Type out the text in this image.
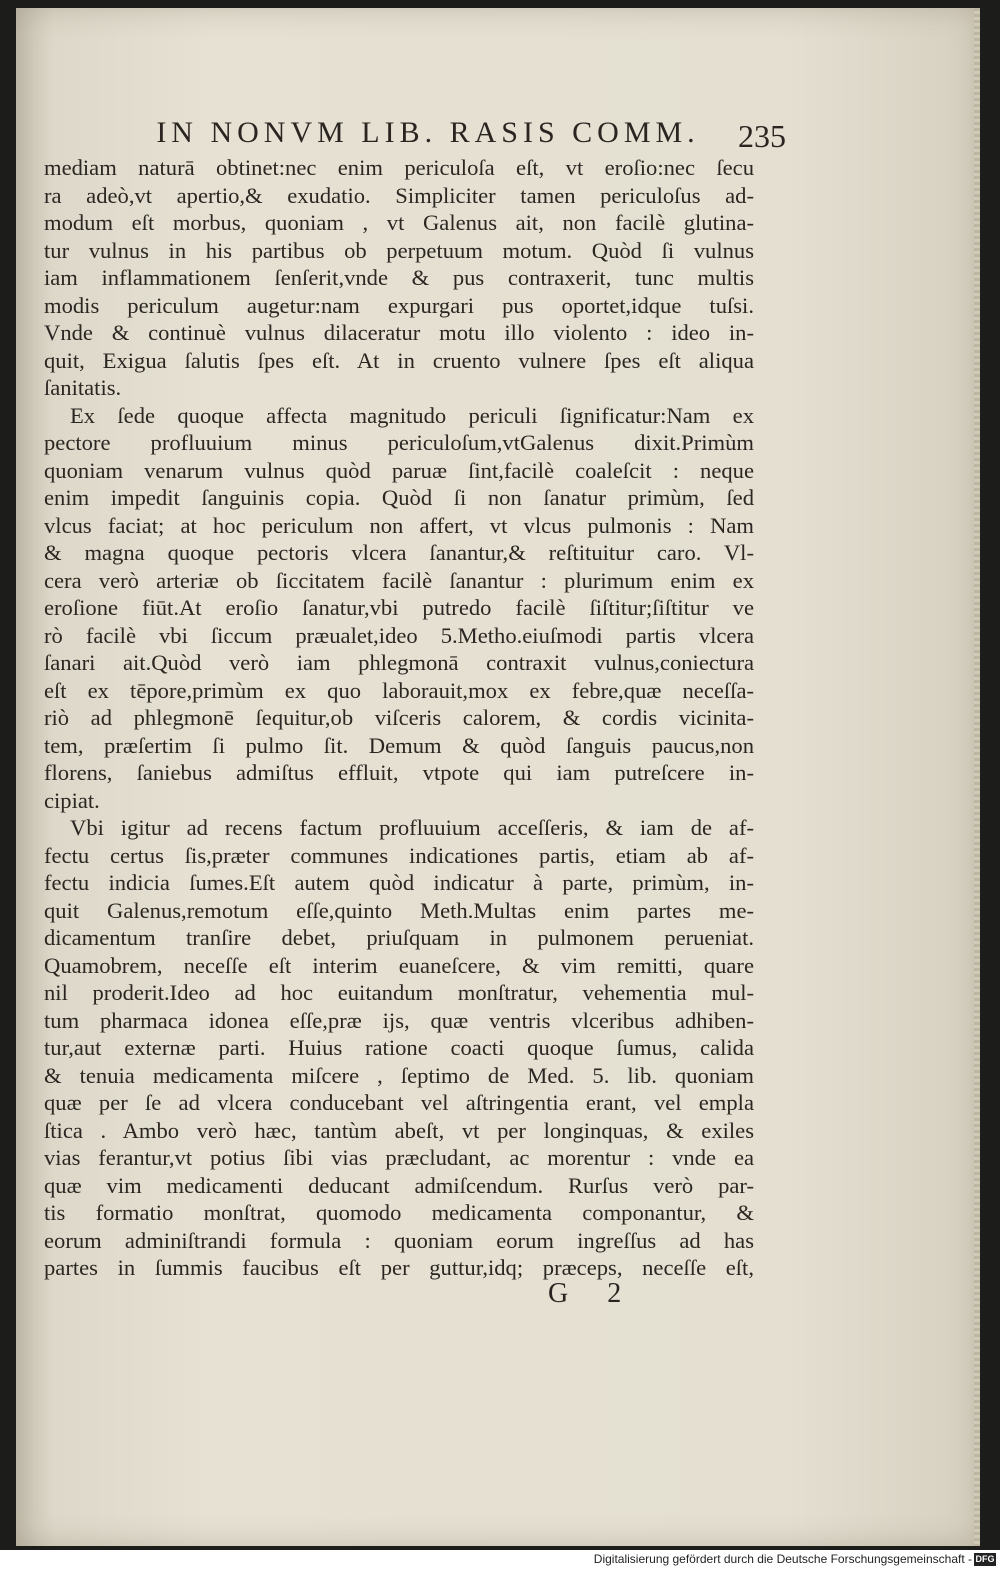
IN NONVM LIB. RASIS COMM.	235
mediam naturā obtinet:nec enim periculoſa eſt, vt eroſio:nec ſecu
ra adeò,vt apertio,& exudatio. Simpliciter tamen periculoſus ad-
modum eſt morbus, quoniam , vt Galenus ait, non facilè glutina-
tur vulnus in his partibus ob perpetuum motum. Quòd ſi vulnus
iam inflammationem ſenſerit,vnde & pus contraxerit, tunc multis
modis periculum augetur:nam expurgari pus oportet,idque tuſsi.
Vnde & continuè vulnus dilaceratur motu illo violento : ideo in-
quit, Exigua ſalutis ſpes eſt. At in cruento vulnere ſpes eſt aliqua
ſanitatis.
Ex ſede quoque affecta magnitudo periculi ſignificatur:Nam ex
pectore profluuium minus periculoſum,vtGalenus dixit.Primùm
quoniam venarum vulnus quòd paruæ ſint,facilè coaleſcit : neque
enim impedit ſanguinis copia. Quòd ſi non ſanatur primùm, ſed
vlcus faciat; at hoc periculum non affert, vt vlcus pulmonis : Nam
& magna quoque pectoris vlcera ſanantur,& reſtituitur caro. Vl-
cera verò arteriæ ob ſiccitatem facilè ſanantur : plurimum enim ex
eroſione fiūt.At eroſio ſanatur,vbi putredo facilè ſiſtitur;ſiſtitur ve
rò facilè vbi ſiccum præualet,ideo 5.Metho.eiuſmodi partis vlcera
ſanari ait.Quòd verò iam phlegmonā contraxit vulnus,coniectura
eſt ex tēpore,primùm ex quo laborauit,mox ex febre,quæ neceſſa-
riò ad phlegmonē ſequitur,ob viſceris calorem, & cordis vicinita-
tem, præſertim ſi pulmo ſit. Demum & quòd ſanguis paucus,non
florens, ſaniebus admiſtus effluit, vtpote qui iam putreſcere in-
cipiat.
Vbi igitur ad recens factum profluuium acceſſeris, & iam de af-
fectu certus ſis,præter communes indicationes partis, etiam ab af-
fectu indicia ſumes.Eſt autem quòd indicatur à parte, primùm, in-
quit Galenus,remotum eſſe,quinto Meth.Multas enim partes me-
dicamentum tranſire debet, priuſquam in pulmonem perueniat.
Quamobrem, neceſſe eſt interim euaneſcere, & vim remitti, quare
nil proderit.Ideo ad hoc euitandum monſtratur, vehementia mul-
tum pharmaca idonea eſſe,præ ijs, quæ ventris vlceribus adhiben-
tur,aut externæ parti. Huius ratione coacti quoque ſumus, calida
& tenuia medicamenta miſcere , ſeptimo de Med. 5. lib. quoniam
quæ per ſe ad vlcera conducebant vel aſtringentia erant, vel empla
ſtica . Ambo verò hæc, tantùm abeſt, vt per longinquas, & exiles
vias ferantur,vt potius ſibi vias præcludant, ac morentur : vnde ea
quæ vim medicamenti deducant admiſcendum. Rurſus verò par-
tis formatio monſtrat, quomodo medicamenta componantur, &
eorum adminiſtrandi formula : quoniam eorum ingreſſus ad has
partes in ſummis faucibus eſt per guttur,idq; præceps, neceſſe eſt,
G 2
Digitalisierung gefördert durch die Deutsche Forschungsgemeinschaft - DFG
